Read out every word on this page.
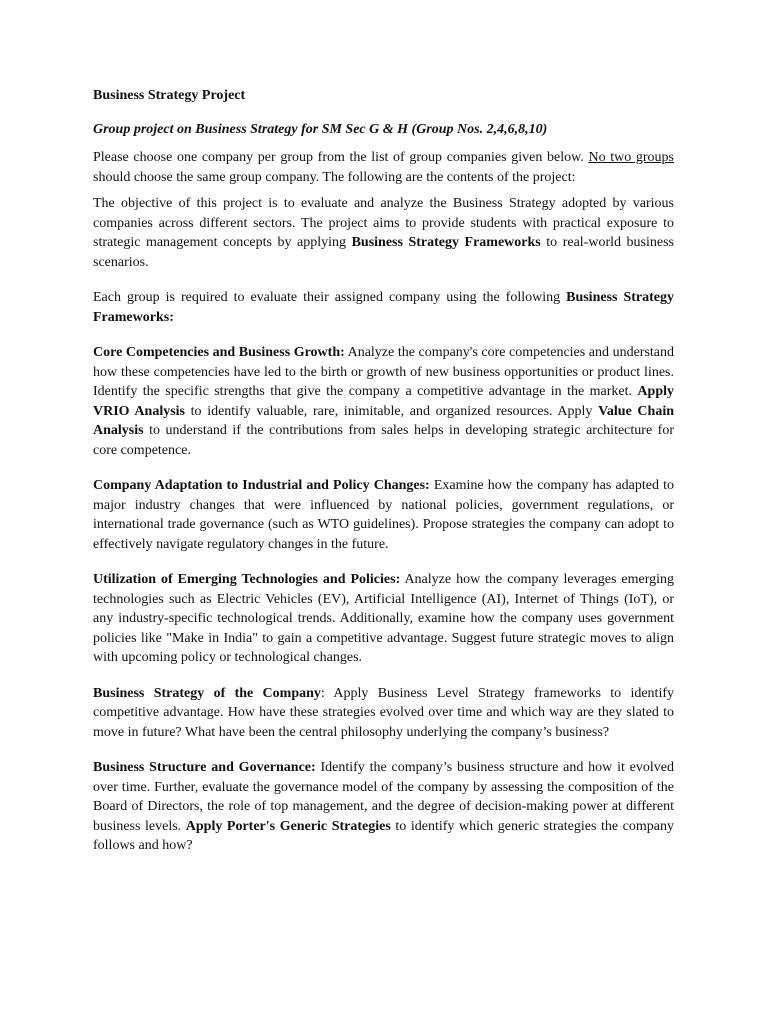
Business Strategy Project
Group project on Business Strategy for SM Sec G & H (Group Nos. 2,4,6,8,10)

Please choose one company per group from the list of group companies given below. No two groups should choose the same group company. The following are the contents of the project:

The objective of this project is to evaluate and analyze the Business Strategy adopted by various companies across different sectors. The project aims to provide students with practical exposure to strategic management concepts by applying Business Strategy Frameworks to real-world business scenarios.

Each group is required to evaluate their assigned company using the following Business Strategy Frameworks:

Core Competencies and Business Growth: Analyze the company's core competencies and understand how these competencies have led to the birth or growth of new business opportunities or product lines. Identify the specific strengths that give the company a competitive advantage in the market. Apply VRIO Analysis to identify valuable, rare, inimitable, and organized resources. Apply Value Chain Analysis to understand if the contributions from sales helps in developing strategic architecture for core competence.

Company Adaptation to Industrial and Policy Changes: Examine how the company has adapted to major industry changes that were influenced by national policies, government regulations, or international trade governance (such as WTO guidelines). Propose strategies the company can adopt to effectively navigate regulatory changes in the future.

Utilization of Emerging Technologies and Policies: Analyze how the company leverages emerging technologies such as Electric Vehicles (EV), Artificial Intelligence (AI), Internet of Things (IoT), or any industry-specific technological trends. Additionally, examine how the company uses government policies like "Make in India" to gain a competitive advantage. Suggest future strategic moves to align with upcoming policy or technological changes.

Business Strategy of the Company: Apply Business Level Strategy frameworks to identify competitive advantage. How have these strategies evolved over time and which way are they slated to move in future? What have been the central philosophy underlying the company’s business?

Business Structure and Governance: Identify the company’s business structure and how it evolved over time. Further, evaluate the governance model of the company by assessing the composition of the Board of Directors, the role of top management, and the degree of decision-making power at different business levels. Apply Porter's Generic Strategies to identify which generic strategies the company follows and how?
